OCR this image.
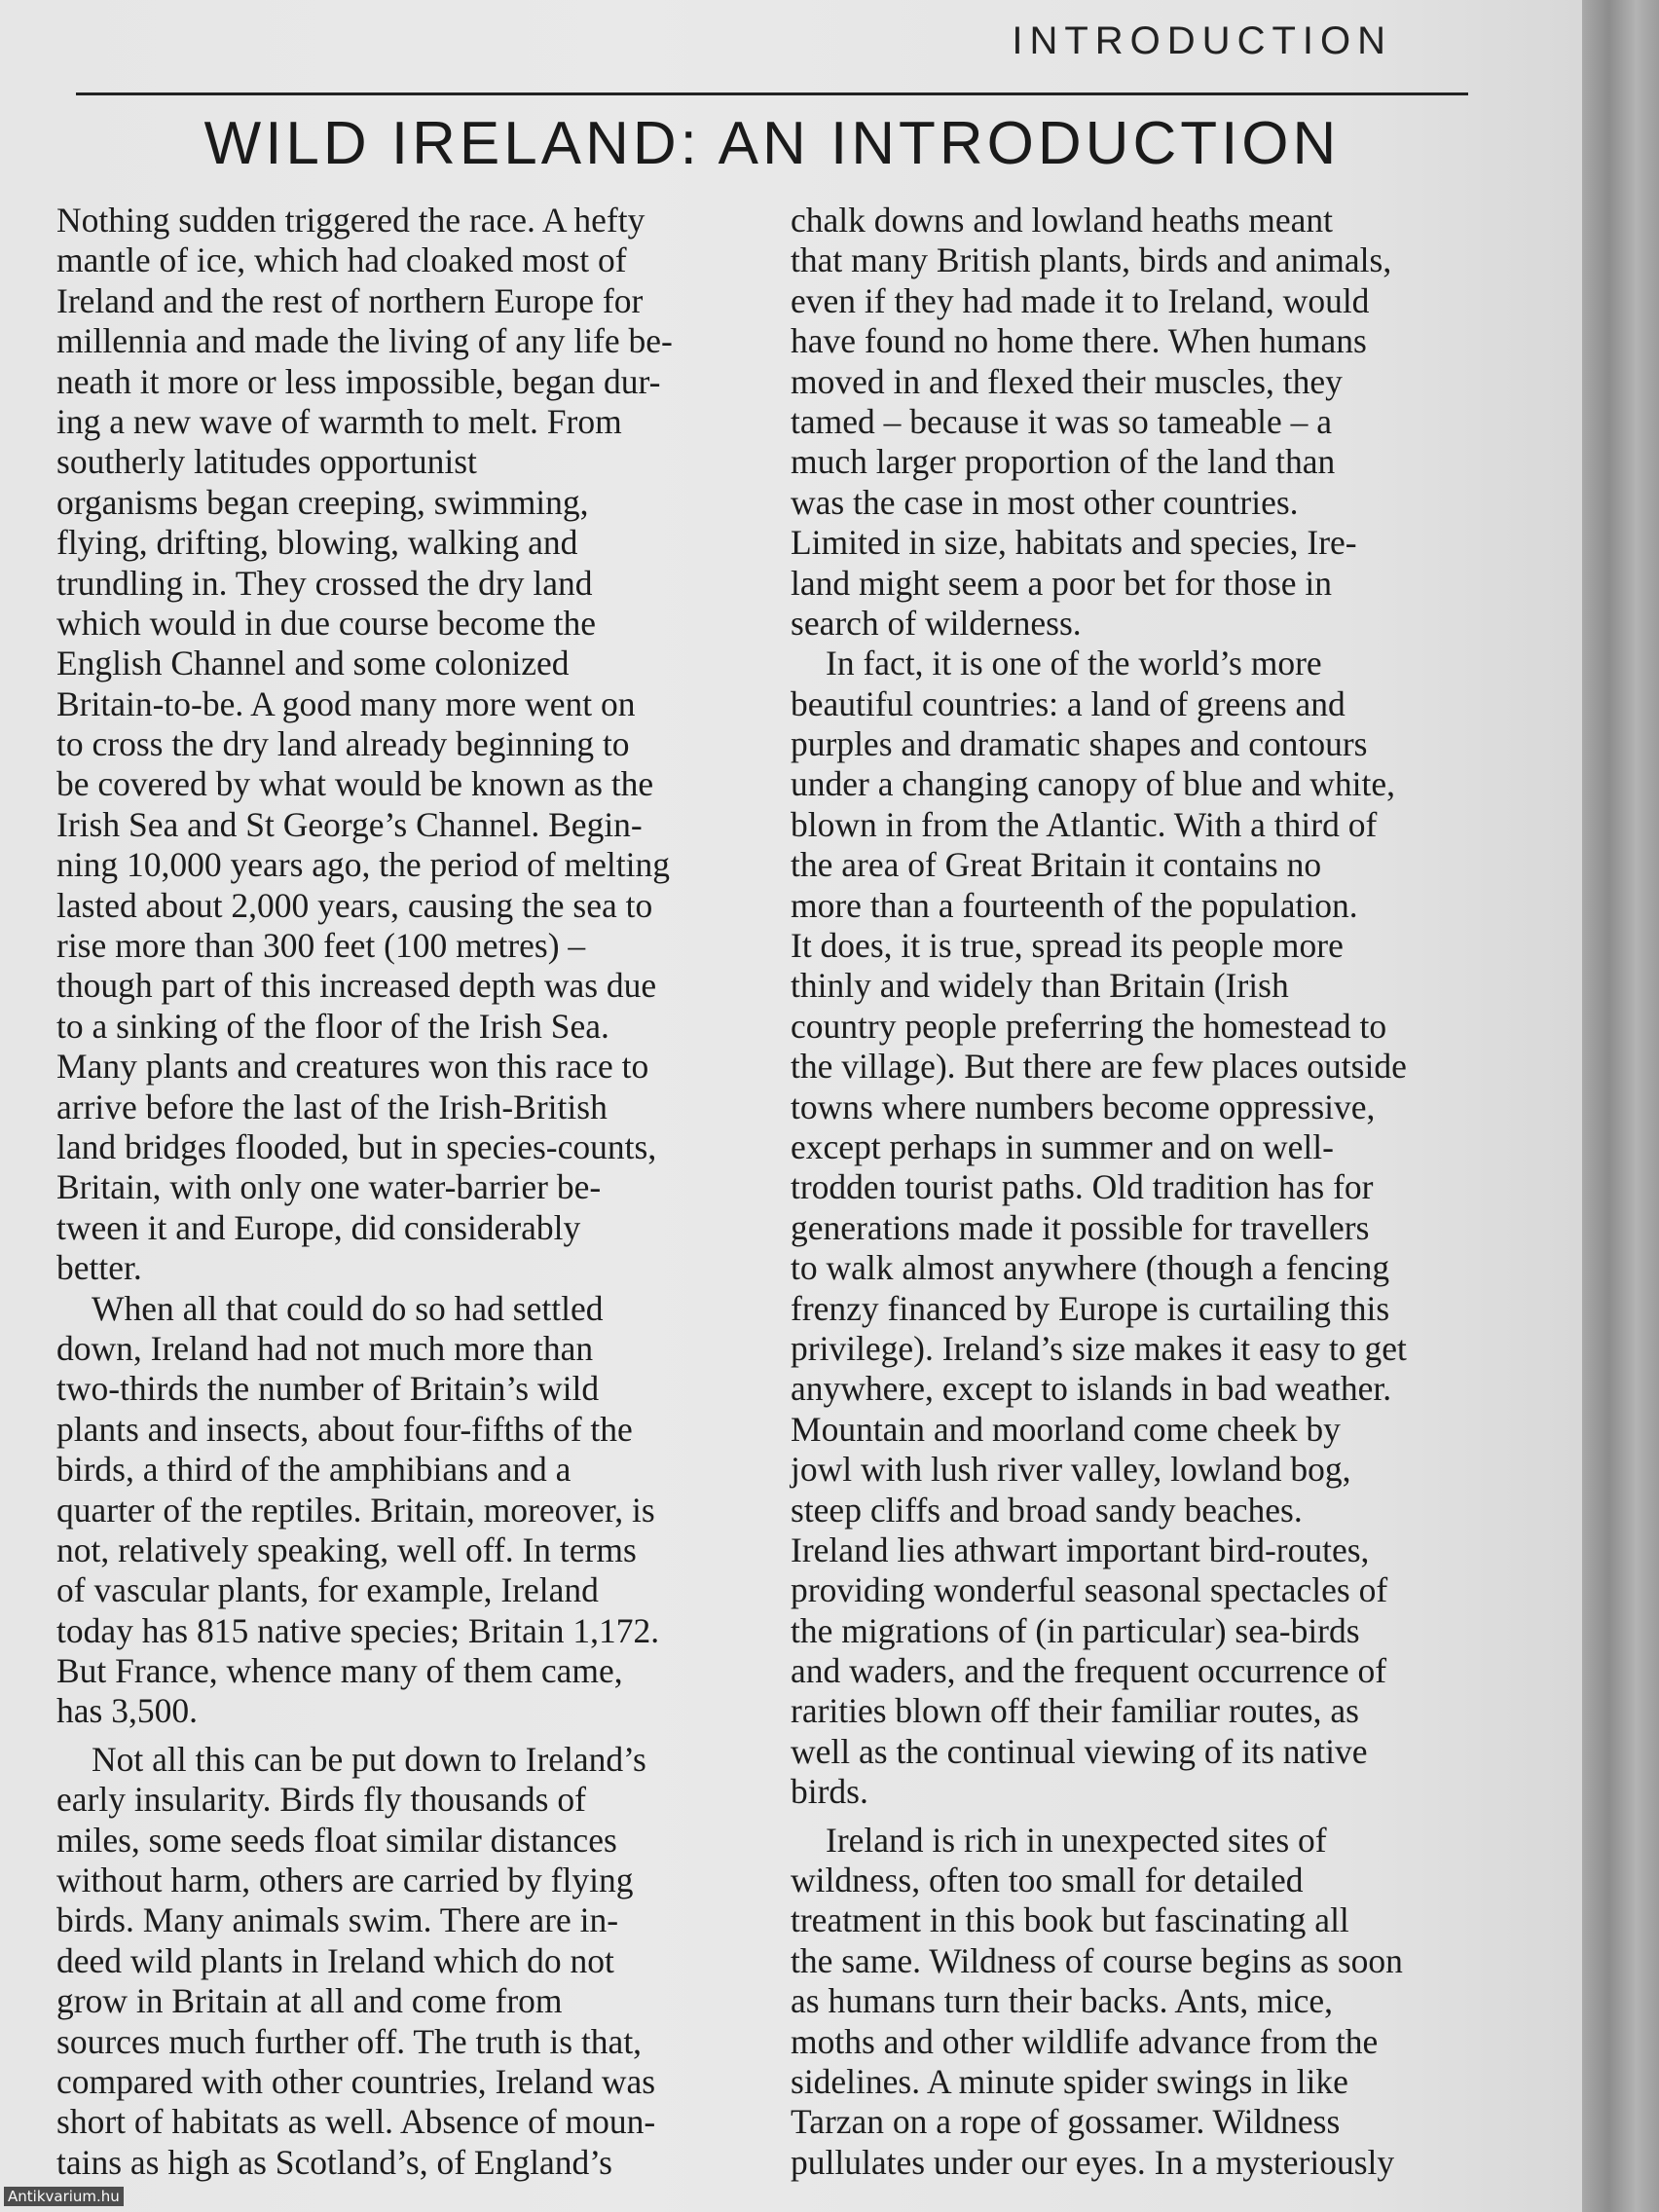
INTRODUCTION
WILD IRELAND: AN INTRODUCTION
Nothing sudden triggered the race. A hefty
mantle of ice, which had cloaked most of
Ireland and the rest of northern Europe for
millennia and made the living of any life be-
neath it more or less impossible, began dur-
ing a new wave of warmth to melt. From
southerly latitudes opportunist
organisms began creeping, swimming,
flying, drifting, blowing, walking and
trundling in. They crossed the dry land
which would in due course become the
English Channel and some colonized
Britain-to-be. A good many more went on
to cross the dry land already beginning to
be covered by what would be known as the
Irish Sea and St George’s Channel. Begin-
ning 10,000 years ago, the period of melting
lasted about 2,000 years, causing the sea to
rise more than 300 feet (100 metres) –
though part of this increased depth was due
to a sinking of the floor of the Irish Sea.
Many plants and creatures won this race to
arrive before the last of the Irish-British
land bridges flooded, but in species-counts,
Britain, with only one water-barrier be-
tween it and Europe, did considerably
better.
When all that could do so had settled
down, Ireland had not much more than
two-thirds the number of Britain’s wild
plants and insects, about four-fifths of the
birds, a third of the amphibians and a
quarter of the reptiles. Britain, moreover, is
not, relatively speaking, well off. In terms
of vascular plants, for example, Ireland
today has 815 native species; Britain 1,172.
But France, whence many of them came,
has 3,500.
Not all this can be put down to Ireland’s
early insularity. Birds fly thousands of
miles, some seeds float similar distances
without harm, others are carried by flying
birds. Many animals swim. There are in-
deed wild plants in Ireland which do not
grow in Britain at all and come from
sources much further off. The truth is that,
compared with other countries, Ireland was
short of habitats as well. Absence of moun-
tains as high as Scotland’s, of England’s
chalk downs and lowland heaths meant
that many British plants, birds and animals,
even if they had made it to Ireland, would
have found no home there. When humans
moved in and flexed their muscles, they
tamed – because it was so tameable – a
much larger proportion of the land than
was the case in most other countries.
Limited in size, habitats and species, Ire-
land might seem a poor bet for those in
search of wilderness.
In fact, it is one of the world’s more
beautiful countries: a land of greens and
purples and dramatic shapes and contours
under a changing canopy of blue and white,
blown in from the Atlantic. With a third of
the area of Great Britain it contains no
more than a fourteenth of the population.
It does, it is true, spread its people more
thinly and widely than Britain (Irish
country people preferring the homestead to
the village). But there are few places outside
towns where numbers become oppressive,
except perhaps in summer and on well-
trodden tourist paths. Old tradition has for
generations made it possible for travellers
to walk almost anywhere (though a fencing
frenzy financed by Europe is curtailing this
privilege). Ireland’s size makes it easy to get
anywhere, except to islands in bad weather.
Mountain and moorland come cheek by
jowl with lush river valley, lowland bog,
steep cliffs and broad sandy beaches.
Ireland lies athwart important bird-routes,
providing wonderful seasonal spectacles of
the migrations of (in particular) sea-birds
and waders, and the frequent occurrence of
rarities blown off their familiar routes, as
well as the continual viewing of its native
birds.
Ireland is rich in unexpected sites of
wildness, often too small for detailed
treatment in this book but fascinating all
the same. Wildness of course begins as soon
as humans turn their backs. Ants, mice,
moths and other wildlife advance from the
sidelines. A minute spider swings in like
Tarzan on a rope of gossamer. Wildness
pullulates under our eyes. In a mysteriously
Antikvarium.hu
